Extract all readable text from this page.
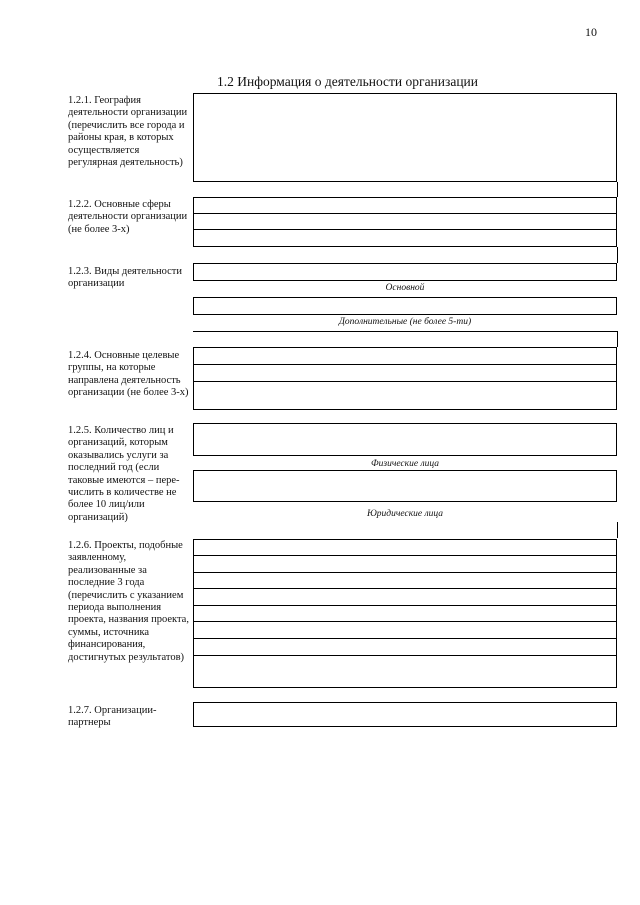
10
1.2 Информация о деятельности организации
1.2.1. География деятельности организации (перечислить все города и районы края, в которых осуществляется регулярная деятельность)
1.2.2. Основные сферы деятельности организации (не более 3-х)
1.2.3. Виды деятельности организации	Основной
Дополнительные (не более 5-ти)
1.2.4. Основные целевые группы, на которые направлена деятельность организации (не более 3-х)
1.2.5. Количество лиц и организаций, которым оказывались услуги за последний год (если таковые имеются – пере-числить в количестве не более 10 лиц/или организаций)
Физические лица
Юридические лица
1.2.6. Проекты, подобные заявленному, реализованные за последние 3 года (перечислить с указанием периода выполнения проекта, названия проекта, суммы, источника финансирования, достигнутых результатов)
1.2.7. Организации-партнеры
